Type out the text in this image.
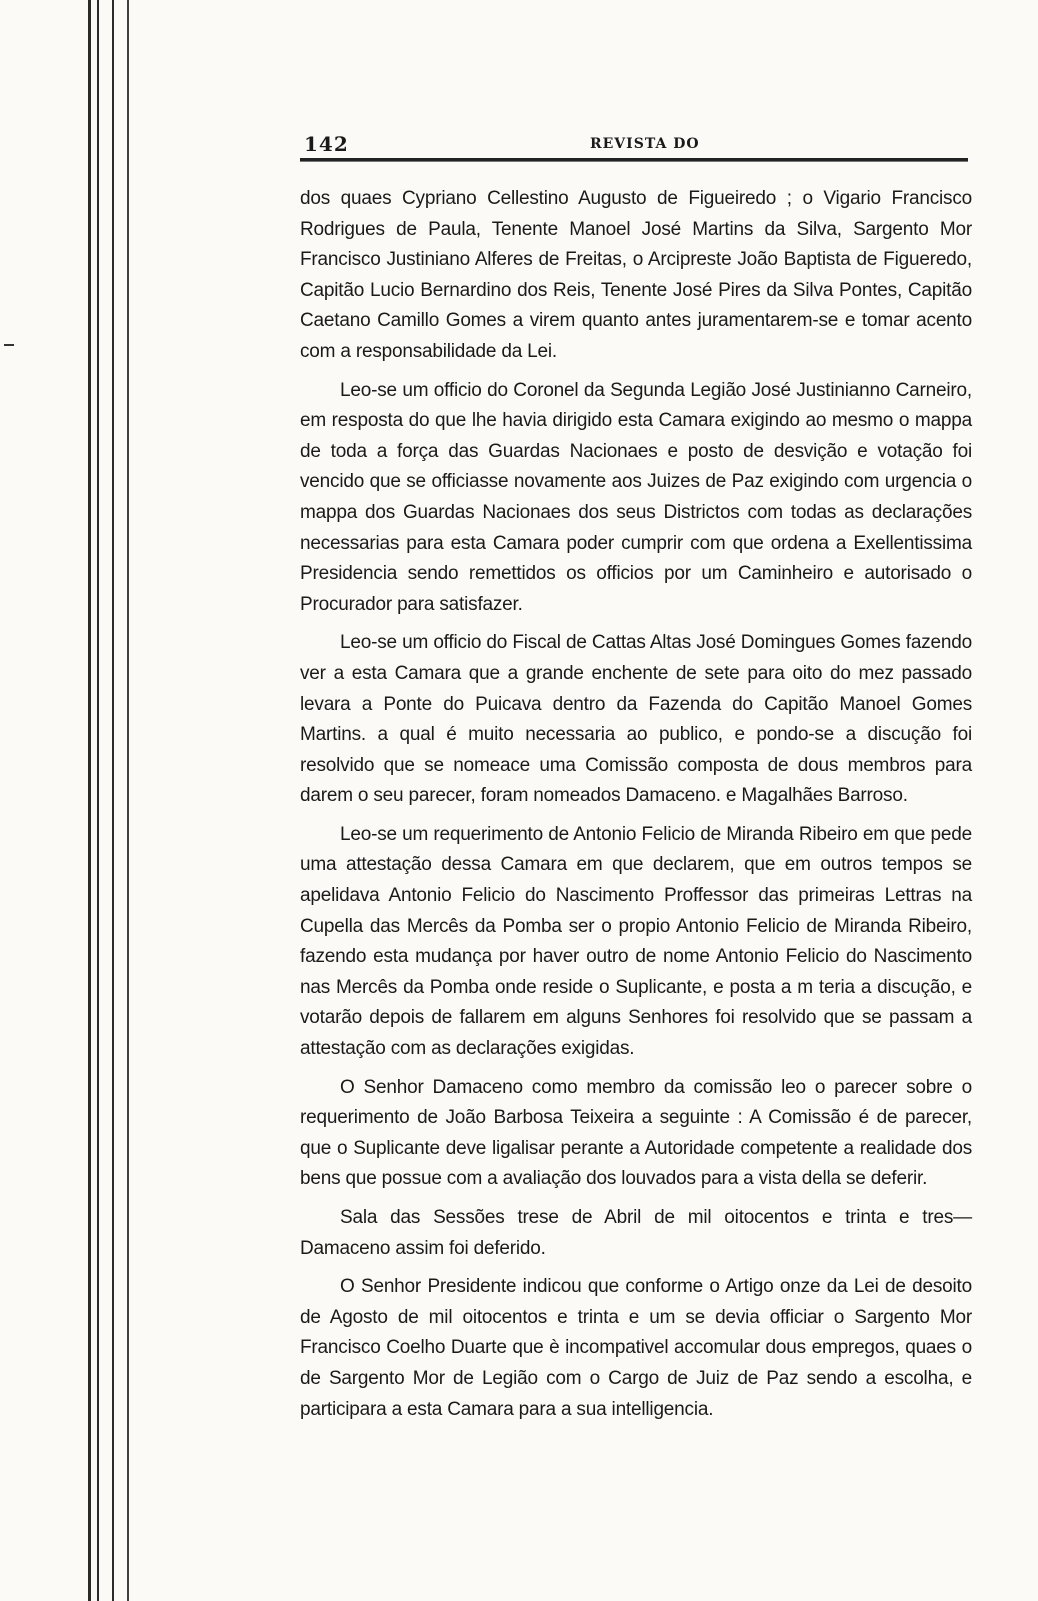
142	REVISTA DO

dos quaes Cypriano Cellestino Augusto de Figueiredo ; o Vigario Francisco Rodrigues de Paula, Tenente Manoel José Martins da Silva, Sargento Mor Francisco Justiniano Alferes de Freitas, o Arcipreste João Baptista de Figueredo, Capitão Lucio Bernardino dos Reis, Tenente José Pires da Silva Pontes, Capitão Caetano Camillo Gomes a virem quanto antes juramentarem-se e tomar acento com a responsabilidade da Lei.

Leo-se um officio do Coronel da Segunda Legião José Justinianno Carneiro, em resposta do que lhe havia dirigido esta Camara exigindo ao mesmo o mappa de toda a força das Guardas Nacionaes e posto de desvição e votação foi vencido que se officiasse novamente aos Juizes de Paz exigindo com urgencia o mappa dos Guardas Nacionaes dos seus Districtos com todas as declarações necessarias para esta Camara poder cumprir com que ordena a Exellentissima Presidencia sendo remettidos os officios por um Caminheiro e autorisado o Procurador para satisfazer.

Leo-se um officio do Fiscal de Cattas Altas José Domingues Gomes fazendo ver a esta Camara que a grande enchente de sete para oito do mez passado levara a Ponte do Puicava dentro da Fazenda do Capitão Manoel Gomes Martins. a qual é muito necessaria ao publico, e pondo-se a discução foi resolvido que se nomeace uma Comissão composta de dous membros para darem o seu parecer, foram nomeados Damaceno. e Magalhães Barroso.

Leo-se um requerimento de Antonio Felicio de Miranda Ribeiro em que pede uma attestação dessa Camara em que declarem, que em outros tempos se apelidava Antonio Felicio do Nascimento Proffessor das primeiras Lettras na Cupella das Mercês da Pomba ser o propio Antonio Felicio de Miranda Ribeiro, fazendo esta mudança por haver outro de nome Antonio Felicio do Nascimento nas Mercês da Pomba onde reside o Suplicante, e posta a m teria a discução, e votarão depois de fallarem em alguns Senhores foi resolvido que se passam a attestação com as declarações exigidas.

O Senhor Damaceno como membro da comissão leo o parecer sobre o requerimento de João Barbosa Teixeira a seguinte : A Comissão é de parecer, que o Suplicante deve ligalisar perante a Autoridade competente a realidade dos bens que possue com a avaliação dos louvados para a vista della se deferir.

Sala das Sessões trese de Abril de mil oitocentos e trinta e tres— Damaceno assim foi deferido.

O Senhor Presidente indicou que conforme o Artigo onze da Lei de desoito de Agosto de mil oitocentos e trinta e um se devia officiar o Sargento Mor Francisco Coelho Duarte que è incompativel accomular dous empregos, quaes o de Sargento Mor de Legião com o Cargo de Juiz de Paz sendo a escolha, e participara a esta Camara para a sua intelligencia.
